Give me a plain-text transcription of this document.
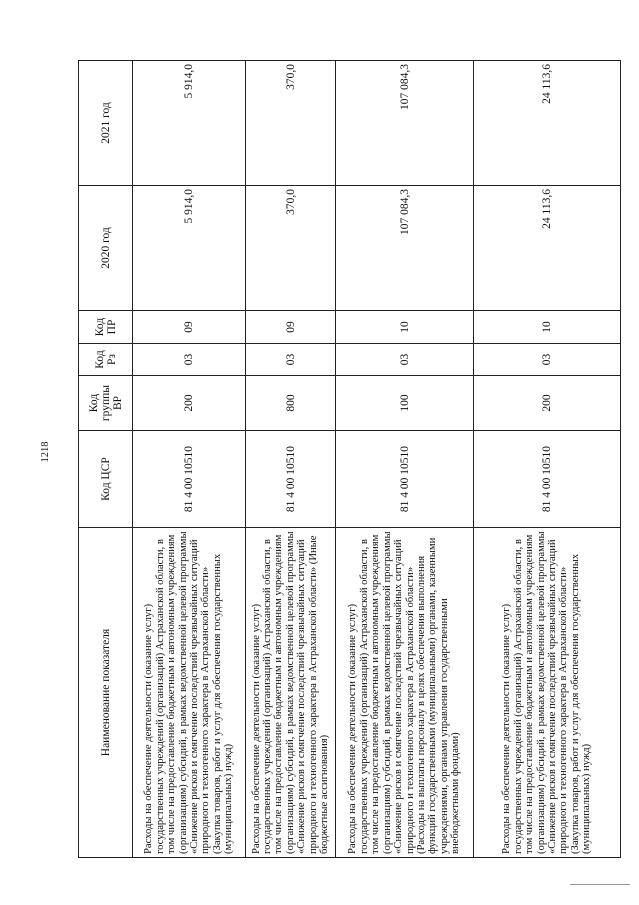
1218
Наименование показателя	Код ЦСР	Код группы ВР	Код Рз	Код ПР	2020 год	2021 год
Расходы на обеспечение деятельности (оказание услуг) государственных учреждений (организаций) Астраханской области, в том числе на предоставление бюджетным и автономным учреждениям (организациям) субсидий, в рамках ведомственной целевой программы «Снижение рисков и смягчение последствий чрезвычайных ситуаций природного и техногенного характера в Астраханской области» (Закупка товаров, работ и услуг для обеспечения государственных (муниципальных) нужд)	81 4 00 10510	200	03	09	5 914,0	5 914,0
Расходы на обеспечение деятельности (оказание услуг) государственных учреждений (организаций) Астраханской области, в том числе на предоставление бюджетным и автономным учреждениям (организациям) субсидий, в рамках ведомственной целевой программы «Снижение рисков и смягчение последствий чрезвычайных ситуаций природного и техногенного характера в Астраханской области» (Иные бюджетные ассигнования)	81 4 00 10510	800	03	09	370,0	370,0
Расходы на обеспечение деятельности (оказание услуг) государственных учреждений (организаций) Астраханской области, в том числе на предоставление бюджетным и автономным учреждениям (организациям) субсидий, в рамках ведомственной целевой программы «Снижение рисков и смягчение последствий чрезвычайных ситуаций природного и техногенного характера в Астраханской области» (Расходы на выплаты персоналу в целях обеспечения выполнения функций государственными (муниципальными) органами, казенными учреждениями, органами управления государственными внебюджетными фондами)	81 4 00 10510	100	03	10	107 084,3	107 084,3
Расходы на обеспечение деятельности (оказание услуг) государственных учреждений (организаций) Астраханской области, в том числе на предоставление бюджетным и автономным учреждениям (организациям) субсидий, в рамках ведомственной целевой программы «Снижение рисков и смягчение последствий чрезвычайных ситуаций природного и техногенного характера в Астраханской области» (Закупка товаров, работ и услуг для обеспечения государственных (муниципальных) нужд)	81 4 00 10510	200	03	10	24 113,6	24 113,6
